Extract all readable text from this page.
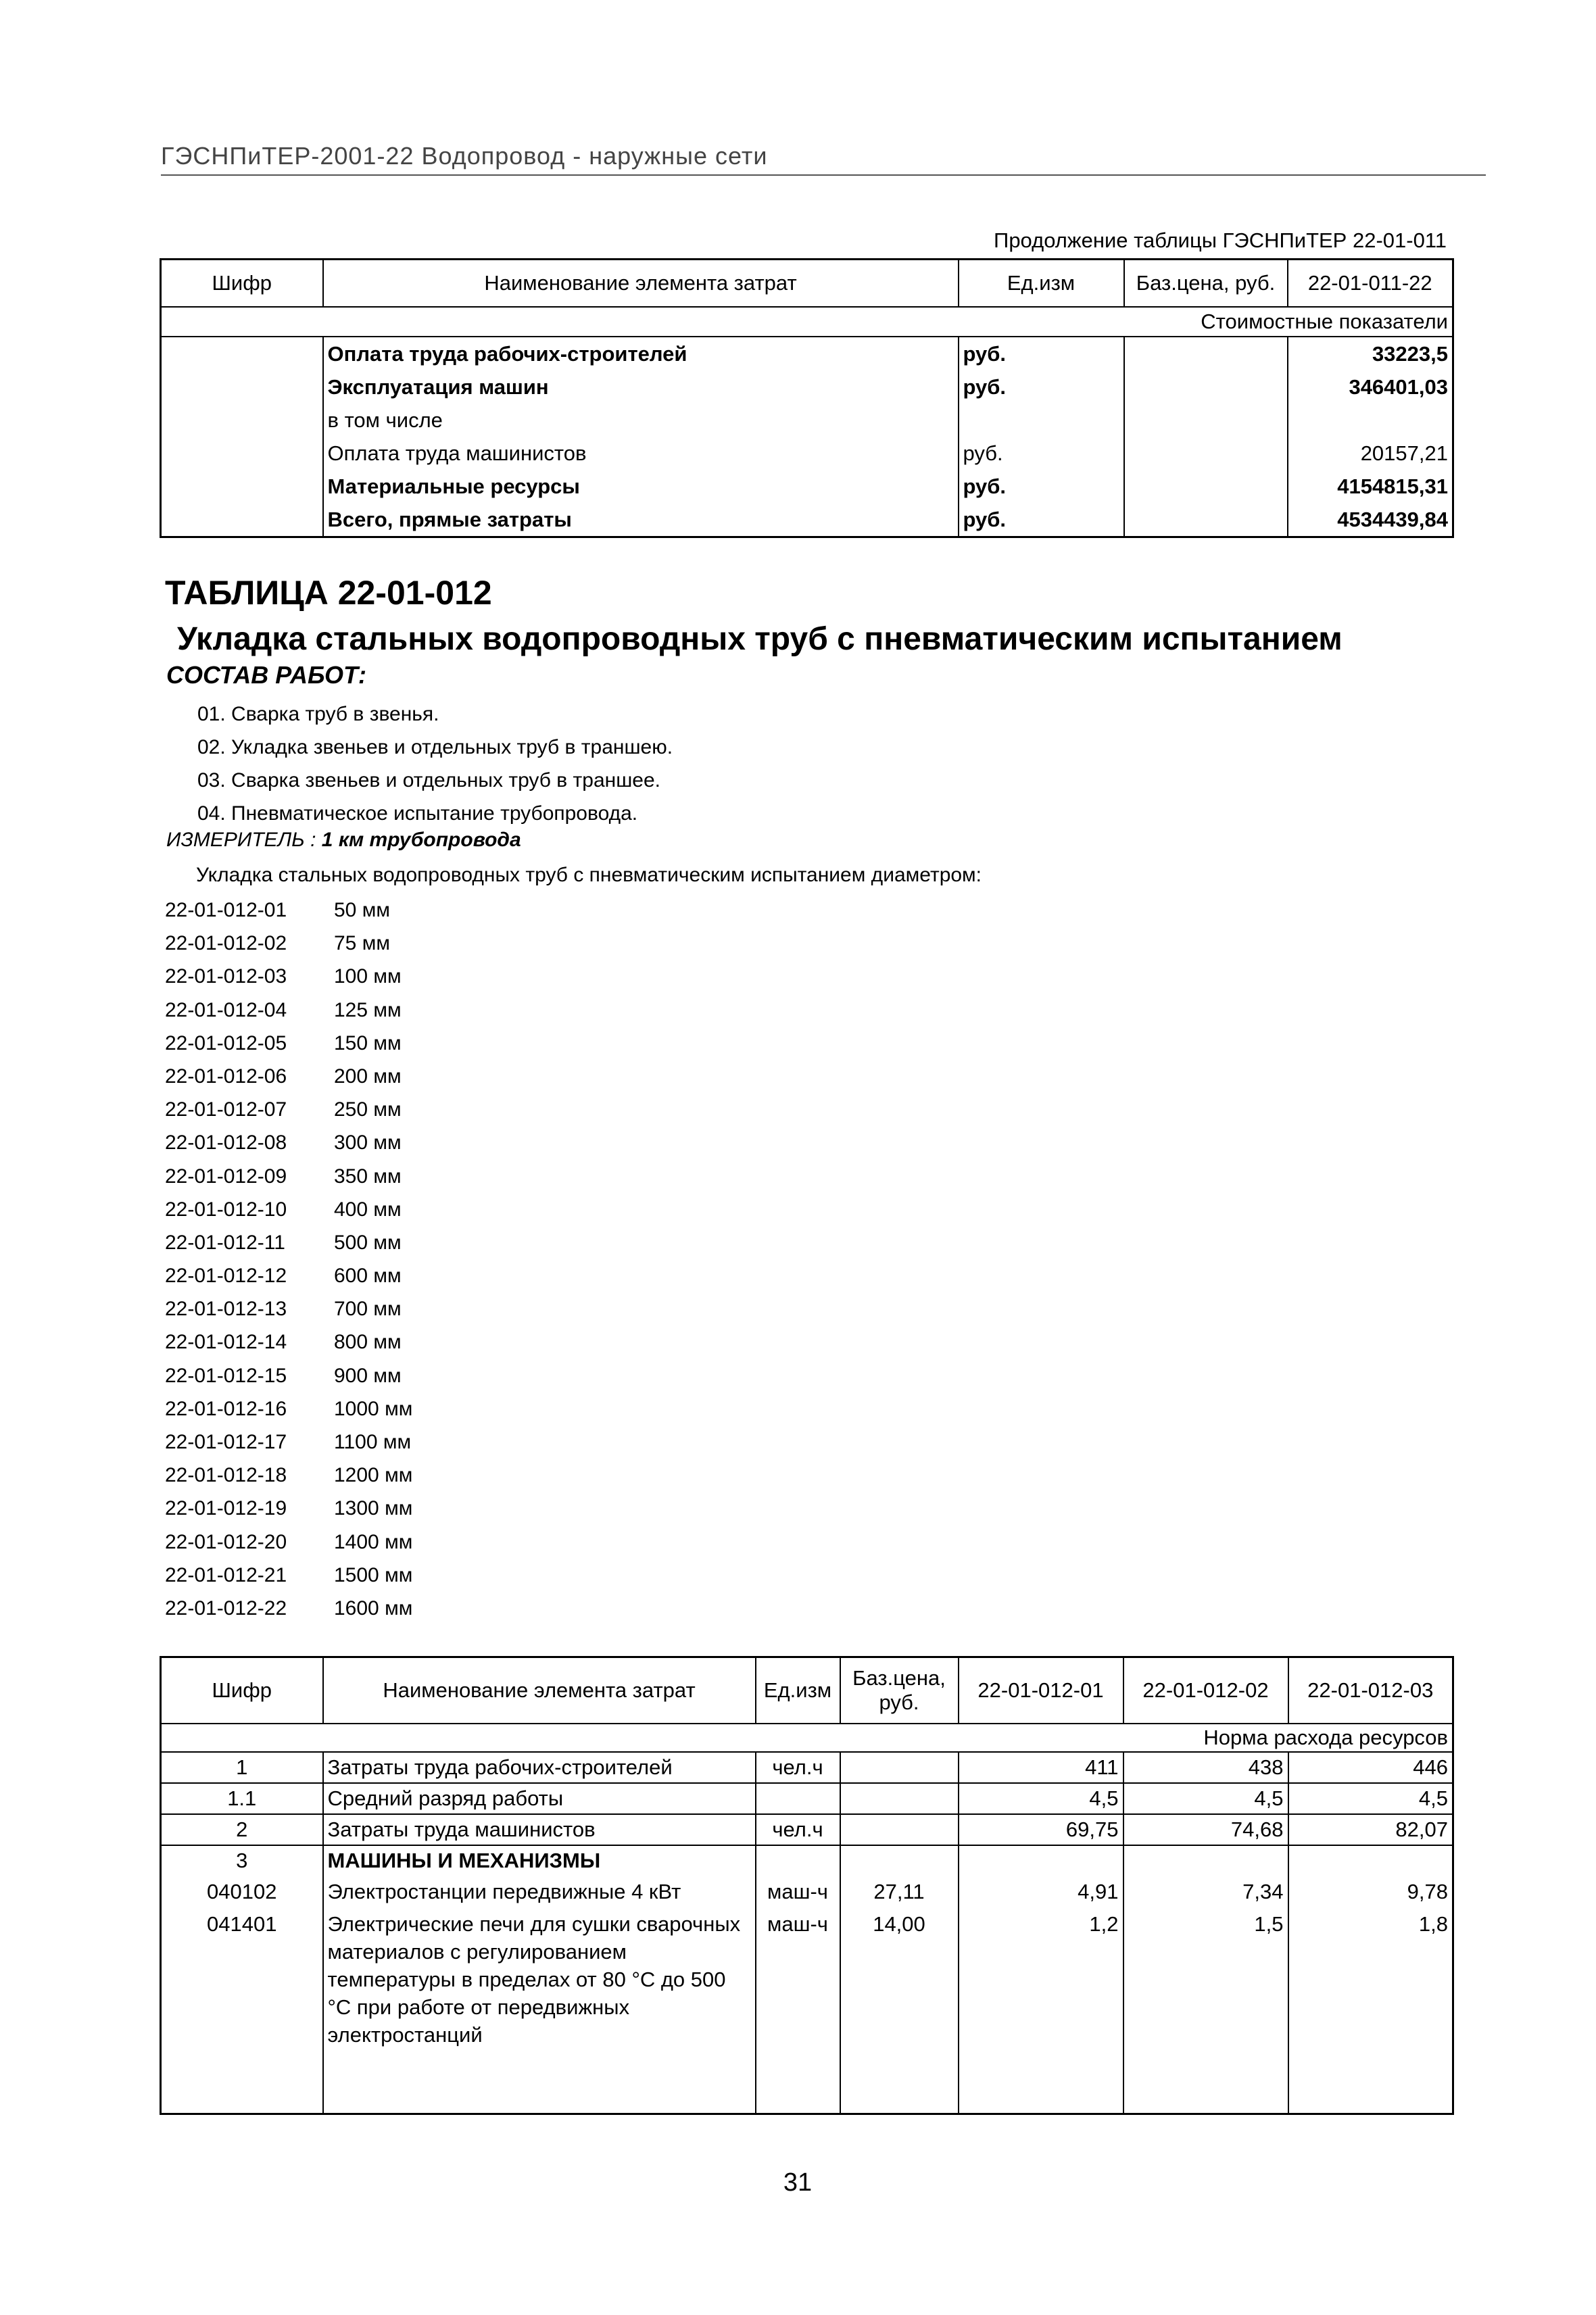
ГЭСНПиТЕР-2001-22 Водопровод - наружные сети
Продолжение таблицы ГЭСНПиТЕР 22-01-011
Шифр	Наименование элемента затрат	Ед.изм	Баз.цена, руб.	22-01-011-22
Стоимостные показатели				
	Оплата труда рабочих-строителей	руб.		33223,5
	Эксплуатация машин	руб.		346401,03
	в том числе			
	Оплата труда машинистов	руб.		20157,21
	Материальные ресурсы	руб.		4154815,31
	Всего, прямые затраты	руб.		4534439,84
ТАБЛИЦА 22-01-012
Укладка стальных водопроводных труб с пневматическим испытанием
СОСТАВ РАБОТ:
01. Сварка труб в звенья.
02. Укладка звеньев и отдельных труб в траншею.
03. Сварка звеньев и отдельных труб в траншее.
04. Пневматическое испытание трубопровода.
ИЗМЕРИТЕЛЬ : 1 км трубопровода
Укладка стальных водопроводных труб с пневматическим испытанием диаметром:
22-01-012-01 50 мм
22-01-012-02 75 мм
22-01-012-03 100 мм
22-01-012-04 125 мм
22-01-012-05 150 мм
22-01-012-06 200 мм
22-01-012-07 250 мм
22-01-012-08 300 мм
22-01-012-09 350 мм
22-01-012-10 400 мм
22-01-012-11 500 мм
22-01-012-12 600 мм
22-01-012-13 700 мм
22-01-012-14 800 мм
22-01-012-15 900 мм
22-01-012-16 1000 мм
22-01-012-17 1100 мм
22-01-012-18 1200 мм
22-01-012-19 1300 мм
22-01-012-20 1400 мм
22-01-012-21 1500 мм
22-01-012-22 1600 мм
Шифр	Наименование элемента затрат	Ед.изм	Баз.цена, руб.	22-01-012-01	22-01-012-02	22-01-012-03
Норма расхода ресурсов						
1	Затраты труда рабочих-строителей	чел.ч		411	438	446
1.1	Средний разряд работы			4,5	4,5	4,5
2	Затраты труда машинистов	чел.ч		69,75	74,68	82,07
3	МАШИНЫ И МЕХАНИЗМЫ					
040102	Электростанции передвижные 4 кВт	маш-ч	27,11	4,91	7,34	9,78
041401	Электрические печи для сушки сварочных материалов с регулированием температуры в пределах от 80 °С до 500 °С при работе от передвижных электростанций	маш-ч	14,00	1,2	1,5	1,8
31
